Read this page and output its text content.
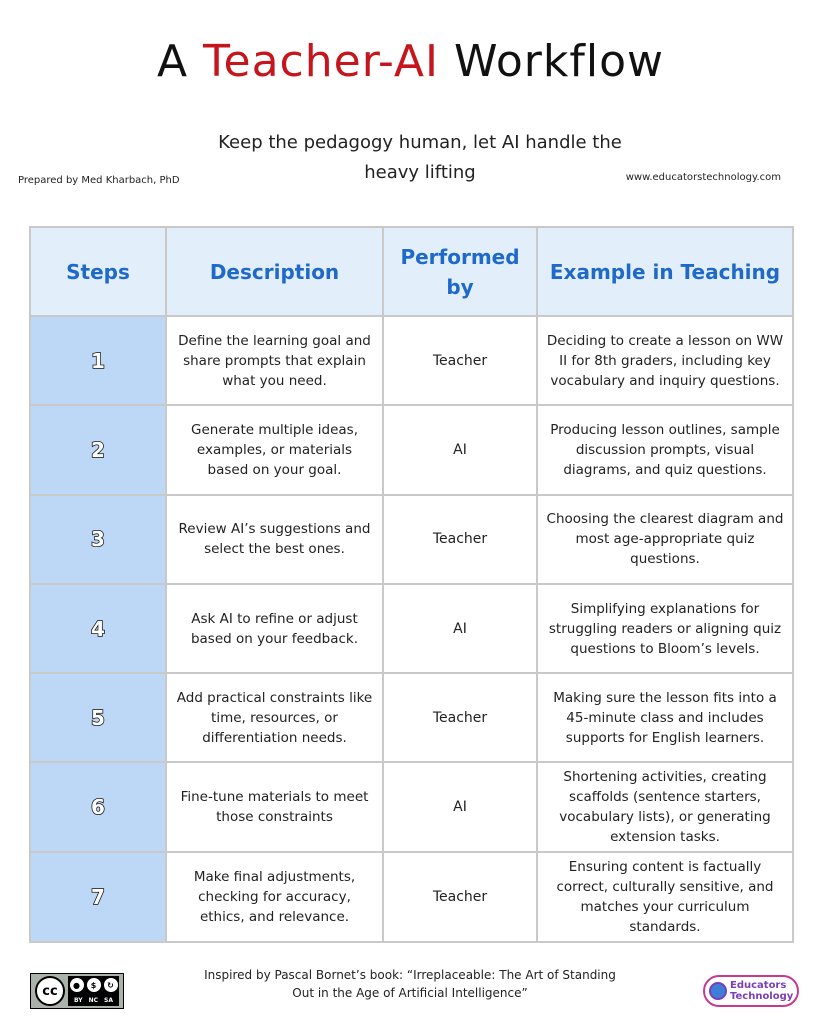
A Teacher-AI Workflow
Keep the pedagogy human, let AI handle the heavy lifting
Prepared by Med Kharbach, PhD	www.educatorstechnology.com
Steps	Description	Performed by	Example in Teaching
1	Define the learning goal and share prompts that explain what you need.	Teacher	Deciding to create a lesson on WW II for 8th graders, including key vocabulary and inquiry questions.
2	Generate multiple ideas, examples, or materials based on your goal.	AI	Producing lesson outlines, sample discussion prompts, visual diagrams, and quiz questions.
3	Review AI’s suggestions and select the best ones.	Teacher	Choosing the clearest diagram and most age-appropriate quiz questions.
4	Ask AI to refine or adjust based on your feedback.	AI	Simplifying explanations for struggling readers or aligning quiz questions to Bloom’s levels.
5	Add practical constraints like time, resources, or differentiation needs.	Teacher	Making sure the lesson fits into a 45-minute class and includes supports for English learners.
6	Fine-tune materials to meet those constraints	AI	Shortening activities, creating scaffolds (sentence starters, vocabulary lists), or generating extension tasks.
7	Make final adjustments, checking for accuracy, ethics, and relevance.	Teacher	Ensuring content is factually correct, culturally sensitive, and matches your curriculum standards.
cc	●	$	↻
BY NC SA
Inspired by Pascal Bornet’s book: “Irreplaceable: The Art of Standing Out in the Age of Artificial Intelligence”
Educators
Technology
